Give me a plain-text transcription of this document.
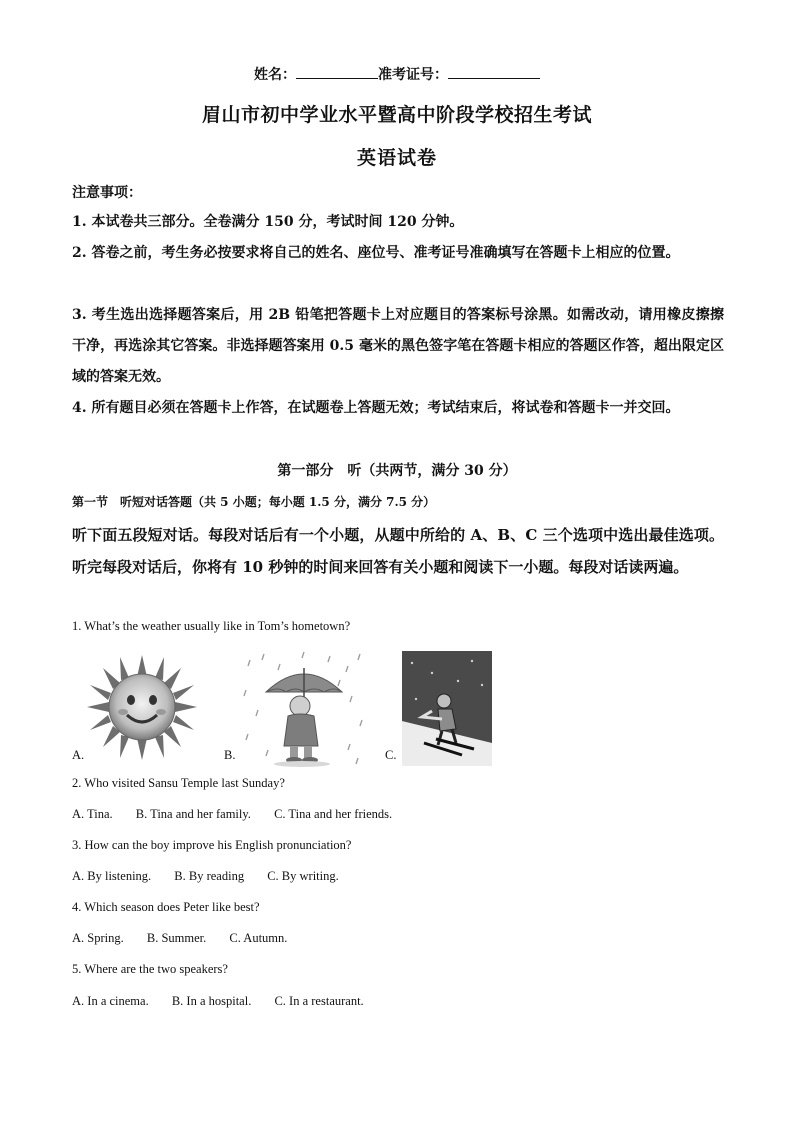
姓名：	准考证号：
眉山市初中学业水平暨高中阶段学校招生考试
英语试卷
注意事项：
1. 本试卷共三部分。全卷满分 150 分，考试时间 120 分钟。
2. 答卷之前，考生务必按要求将自己的姓名、座位号、准考证号准确填写在答题卡上相应的位置。
3. 考生选出选择题答案后，用 2B 铅笔把答题卡上对应题目的答案标号涂黑。如需改动，请用橡皮擦擦干净，再选涂其它答案。非选择题答案用 0.5 毫米的黑色签字笔在答题卡相应的答题区作答，超出限定区域的答案无效。
4. 所有题目必须在答题卡上作答，在试题卷上答题无效；考试结束后，将试卷和答题卡一并交回。
第一部分　听（共两节，满分 30 分）
第一节　听短对话答题（共 5 小题；每小题 1.5 分，满分 7.5 分）
听下面五段短对话。每段对话后有一个小题，从题中所给的 A、B、C 三个选项中选出最佳选项。听完每段对话后，你将有 10 秒钟的时间来回答有关小题和阅读下一小题。每段对话读两遍。
1. What’s the weather usually like in Tom’s hometown?
A.	B.	C.
2. Who visited Sansu Temple last Sunday?
A. Tina. B. Tina and her family. C. Tina and her friends.
3. How can the boy improve his English pronunciation?
A. By listening. B. By reading C. By writing.
4. Which season does Peter like best?
A. Spring. B. Summer. C. Autumn.
5. Where are the two speakers?
A. In a cinema. B. In a hospital. C. In a restaurant.
